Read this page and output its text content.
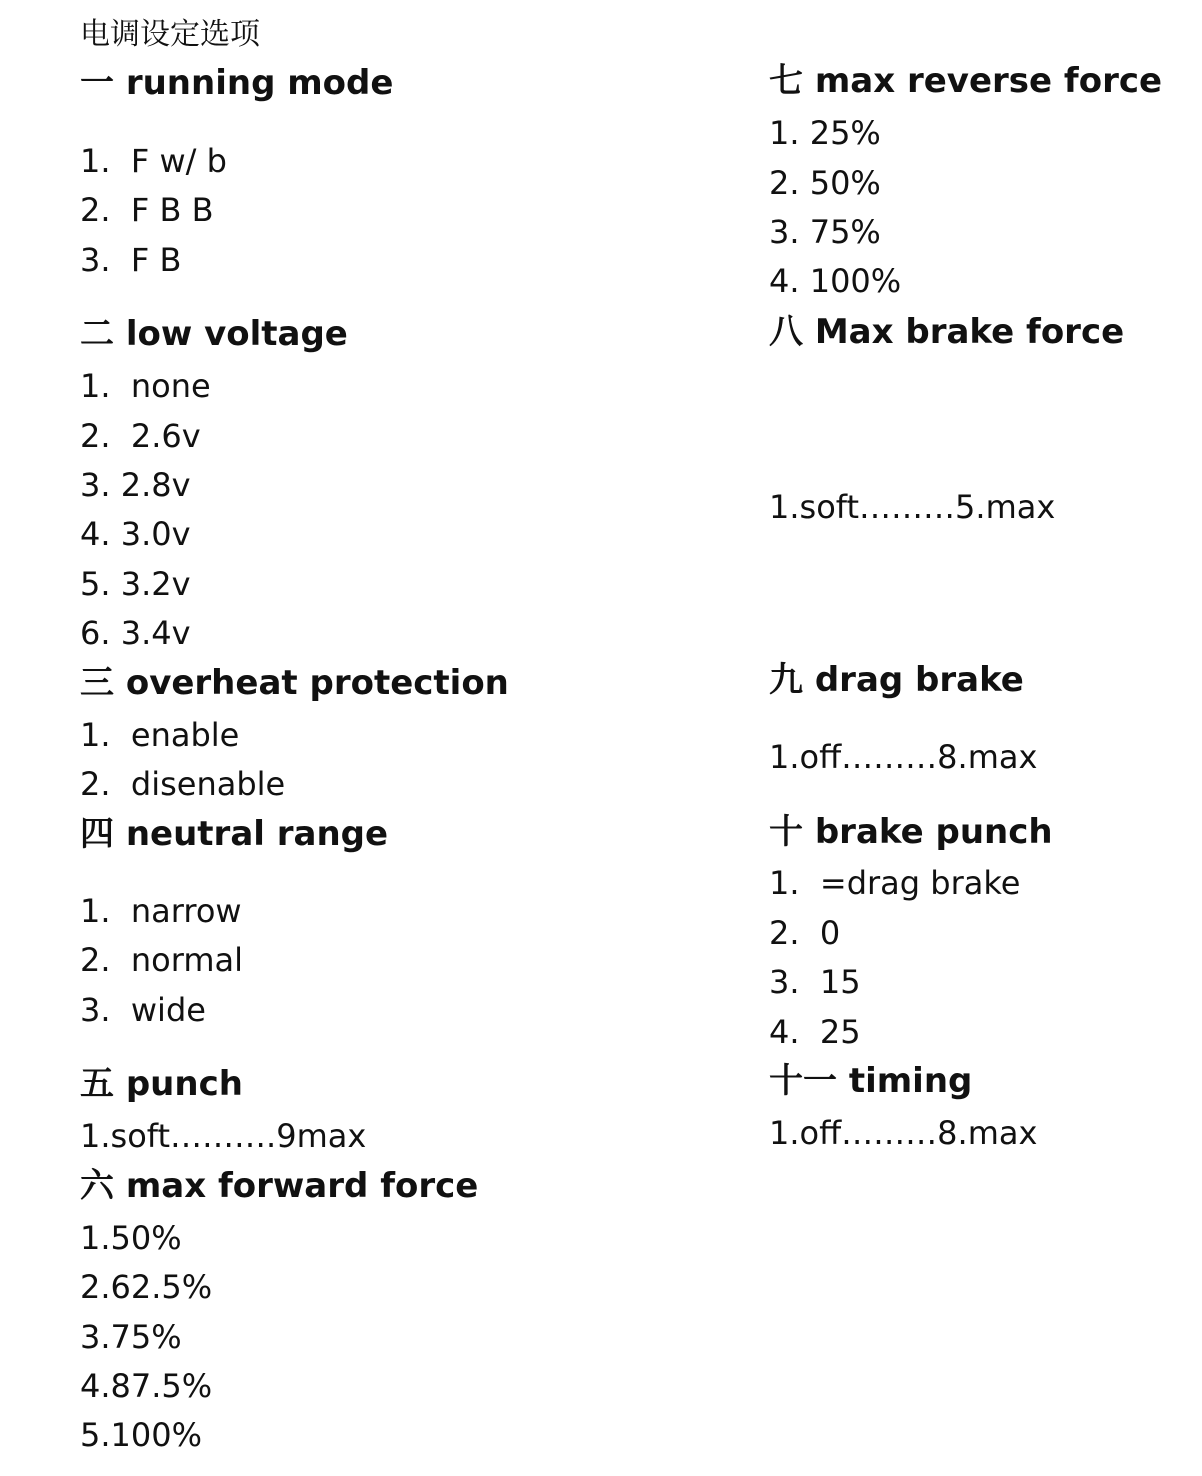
电调设定选项
一 running mode
1.  F w/ b
2.  F B B
3.  F B
二 low voltage
1.  none
2.  2.6v
3. 2.8v
4. 3.0v
5. 3.2v
6. 3.4v
三 overheat protection
1.  enable
2.  disenable
四 neutral range
1.  narrow
2.  normal
3.  wide
五 punch
1.soft……….9max
六 max forward force
1.50%
2.62.5%
3.75%
4.87.5%
5.100%
七 max reverse force
1. 25%
2. 50%
3. 75%
4. 100%
八 Max brake force
1.soft………5.max
九 drag brake
1.off………8.max
十 brake punch
1.  =drag brake
2.  0
3.  15
4.  25
十一 timing
1.off………8.max
